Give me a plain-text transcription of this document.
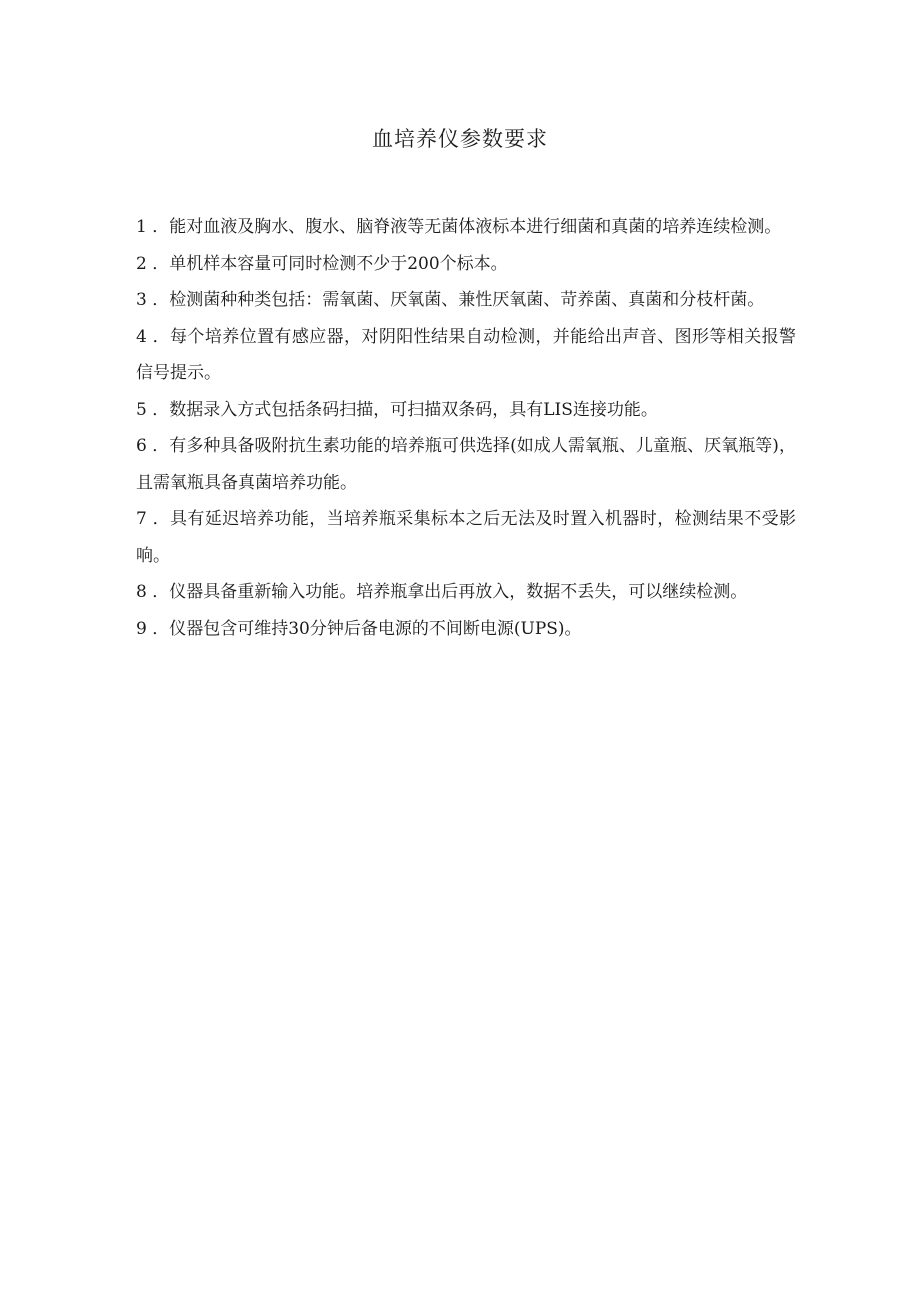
血培养仪参数要求
1 ．能对血液及胸水、腹水、脑脊液等无菌体液标本进行细菌和真菌的培养连续检测。
2 ．单机样本容量可同时检测不少于200个标本。
3 ．检测菌种种类包括：需氧菌、厌氧菌、兼性厌氧菌、苛养菌、真菌和分枝杆菌。
4 ．每个培养位置有感应器，对阴阳性结果自动检测，并能给出声音、图形等相关报警信号提示。
5 ．数据录入方式包括条码扫描，可扫描双条码，具有LIS连接功能。
6 ．有多种具备吸附抗生素功能的培养瓶可供选择(如成人需氧瓶、儿童瓶、厌氧瓶等)，且需氧瓶具备真菌培养功能。
7 ．具有延迟培养功能，当培养瓶采集标本之后无法及时置入机器时，检测结果不受影响。
8 ．仪器具备重新输入功能。培养瓶拿出后再放入，数据不丢失，可以继续检测。
9 ．仪器包含可维持30分钟后备电源的不间断电源(UPS)。
